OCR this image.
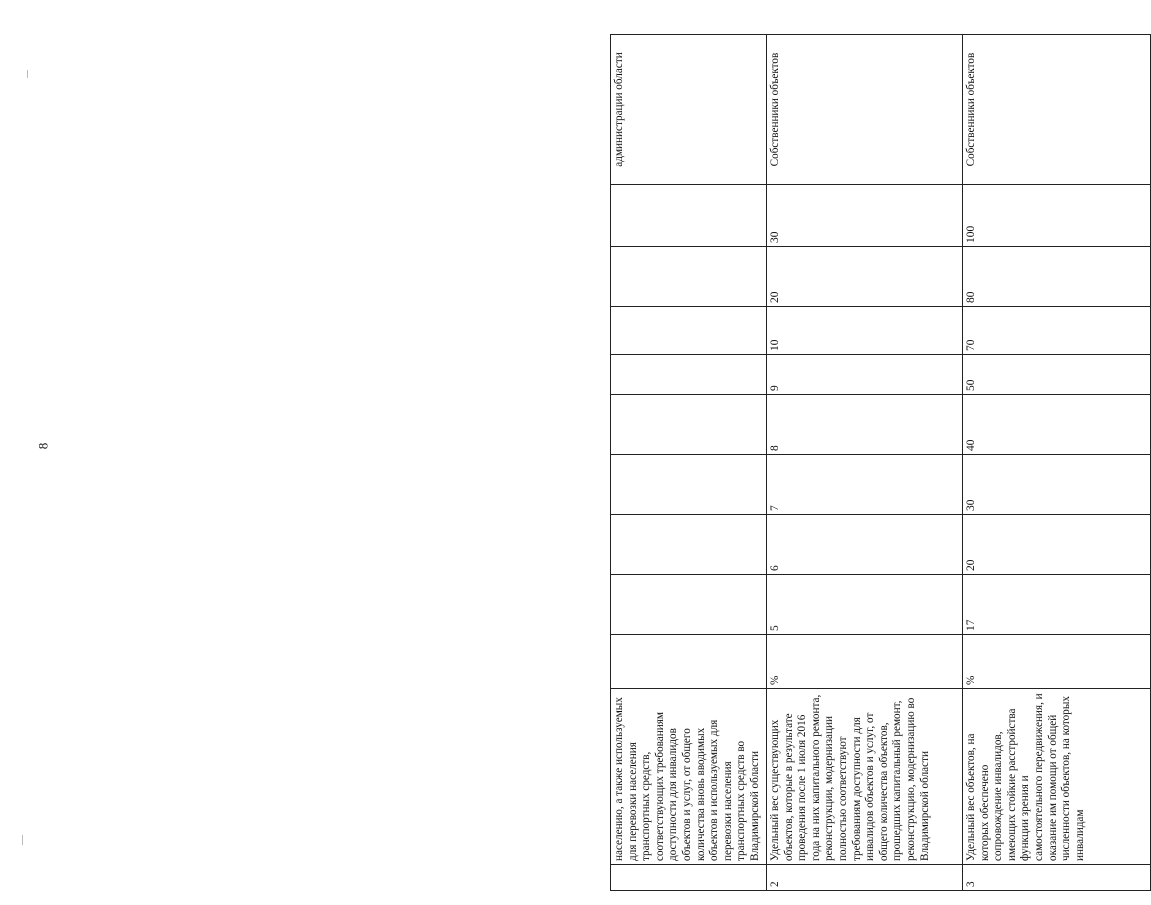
8
	населению, а также используемых для перевозки населения транспортных средств, соответствующих требованиям доступности для инвалидов объектов и услуг, от общего количества вновь вводимых объектов и используемых для перевозки населения транспортных средств во Владимирской области										администрации области
2	Удельный вес существующих объектов, которые в результате проведения после 1 июля 2016 года на них капитального ремонта, реконструкции, модернизации полностью соответствуют требованиям доступности для инвалидов объектов и услуг, от общего количества объектов, прошедших капитальный ремонт, реконструкцию, модернизацию во Владимирской области	%	5	6	7	8	9	10	20	30	Собственники объектов
3	Удельный вес объектов, на которых обеспечено сопровождение инвалидов, имеющих стойкие расстройства функции зрения и самостоятельного передвижения, и оказание им помощи от общей численности объектов, на которых инвалидам	%	17	20	30	40	50	70	80	100	Собственники объектов
